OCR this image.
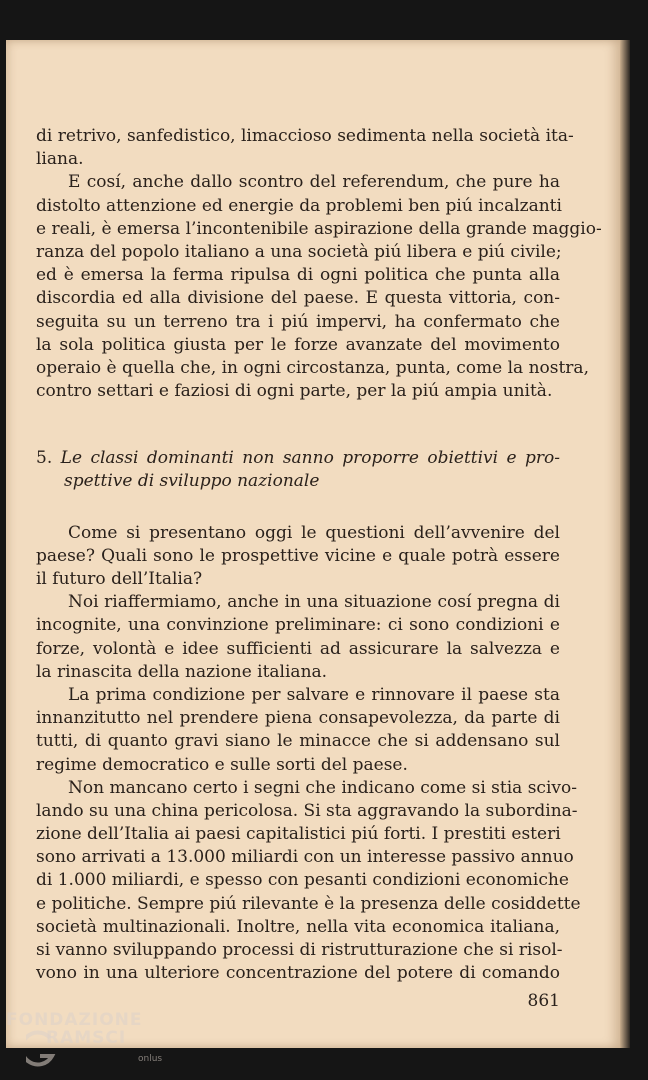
di retrivo, sanfedistico, limaccioso sedimenta nella società ita-
liana.
E cosí, anche dallo scontro del referendum, che pure ha
distolto attenzione ed energie da problemi ben piú incalzanti
e reali, è emersa l’incontenibile aspirazione della grande maggio-
ranza del popolo italiano a una società piú libera e piú civile;
ed è emersa la ferma ripulsa di ogni politica che punta alla
discordia ed alla divisione del paese. E questa vittoria, con-
seguita su un terreno tra i piú impervi, ha confermato che
la sola politica giusta per le forze avanzate del movimento
operaio è quella che, in ogni circostanza, punta, come la nostra,
contro settari e faziosi di ogni parte, per la piú ampia unità.
5. Le classi dominanti non sanno proporre obiettivi e pro-
spettive di sviluppo nazionale
Come si presentano oggi le questioni dell’avvenire del
paese? Quali sono le prospettive vicine e quale potrà essere
il futuro dell’Italia?
Noi riaffermiamo, anche in una situazione cosí pregna di
incognite, una convinzione preliminare: ci sono condizioni e
forze, volontà e idee sufficienti ad assicurare la salvezza e
la rinascita della nazione italiana.
La prima condizione per salvare e rinnovare il paese sta
innanzitutto nel prendere piena consapevolezza, da parte di
tutti, di quanto gravi siano le minacce che si addensano sul
regime democratico e sulle sorti del paese.
Non mancano certo i segni che indicano come si stia scivo-
lando su una china pericolosa. Si sta aggravando la subordina-
zione dell’Italia ai paesi capitalistici piú forti. I prestiti esteri
sono arrivati a 13.000 miliardi con un interesse passivo annuo
di 1.000 miliardi, e spesso con pesanti condizioni economiche
e politiche. Sempre piú rilevante è la presenza delle cosiddette
società multinazionali. Inoltre, nella vita economica italiana,
si vanno sviluppando processi di ristrutturazione che si risol-
vono in una ulteriore concentrazione del potere di comando
861
FONDAZIONE
RAMSCI
onlus
